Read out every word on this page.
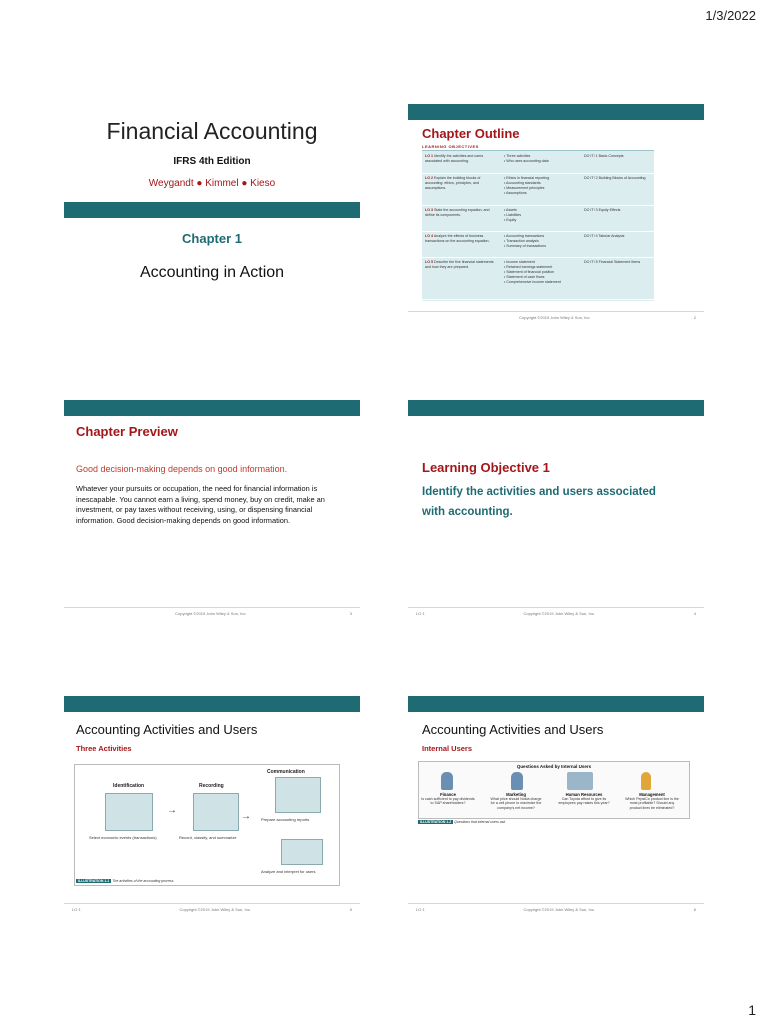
1/3/2022
Financial Accounting
IFRS 4th Edition
Weygandt ● Kimmel ● Kieso
Chapter 1
Accounting in Action
Chapter Outline
LEARNING OBJECTIVES
LO 1 Identify the activities and users associated with accounting.
• Three activities
• Who uses accounting data
DO IT! 1 Basic Concepts
LO 2 Explain the building blocks of accounting: ethics, principles, and assumptions.
• Ethics in financial reporting
• Accounting standards
• Measurement principles
• Assumptions
DO IT! 2 Building Blocks of Accounting
LO 3 State the accounting equation, and define its components.
• Assets
• Liabilities
• Equity
DO IT! 3 Equity Effects
LO 4 Analyze the effects of business transactions on the accounting equation.
• Accounting transactions
• Transaction analysis
• Summary of transactions
DO IT! 4 Tabular Analysis
LO 5 Describe the five financial statements and how they are prepared.
• Income statement
• Retained earnings statement
• Statement of financial position
• Statement of cash flows
• Comprehensive income statement
DO IT! 5 Financial Statement Items
Copyright ©2019 John Wiley & Son, Inc.	2
Chapter Preview
Good decision-making depends on good information.
Whatever your pursuits or occupation, the need for financial information is inescapable. You cannot earn a living, spend money, buy on credit, make an investment, or pay taxes without receiving, using, or dispensing financial information. Good decision-making depends on good information.
Copyright ©2019 John Wiley & Son, Inc.	3
Learning Objective 1
Identify the activities and users associated with accounting.
LO 1	Copyright ©2019 John Wiley & Son, Inc.	4
Accounting Activities and Users
Three Activities
Identification	Recording
Communication
→
→
Select economic events (transactions)	Record, classify, and summarize
Prepare accounting reports
Analyze and interpret for users
ILLUSTRATION 1.1 The activities of the accounting process
LO 1	Copyright ©2019 John Wiley & Son, Inc.	5
Accounting Activities and Users
Internal Users
Questions Asked by Internal Users
Finance
Is cash sufficient to pay dividends to SAP shareholders?
Marketing
What price should Nokia charge for a cell phone to maximize the company's net income?
Human Resources
Can Toyota afford to give its employees pay raises this year?
Management
Which PepsiCo product line is the most profitable? Should any product lines be eliminated?
ILLUSTRATION 1.2 Questions that internal users ask
LO 1	Copyright ©2019 John Wiley & Son, Inc.	6
1
